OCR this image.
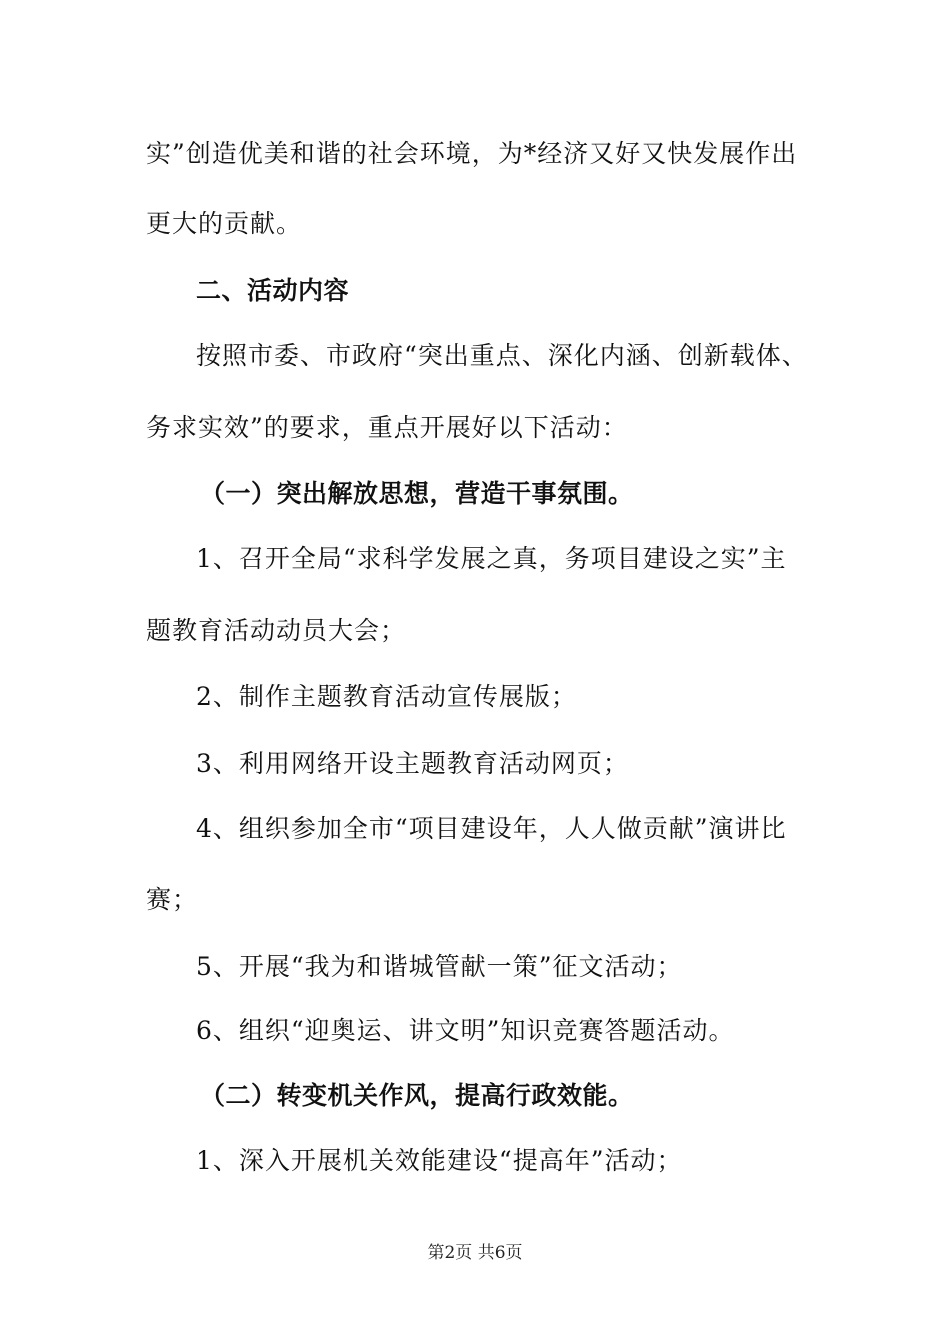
实”创造优美和谐的社会环境，为*经济又好又快发展作出
更大的贡献。
二、活动内容
按照市委、市政府“突出重点、深化内涵、创新载体、
务求实效”的要求，重点开展好以下活动：
（一）突出解放思想，营造干事氛围。
1、召开全局“求科学发展之真，务项目建设之实”主
题教育活动动员大会；
2、制作主题教育活动宣传展版；
3、利用网络开设主题教育活动网页；
4、组织参加全市“项目建设年，人人做贡献”演讲比
赛；
5、开展“我为和谐城管献一策”征文活动；
6、组织“迎奥运、讲文明”知识竞赛答题活动。
（二）转变机关作风，提高行政效能。
1、深入开展机关效能建设“提高年”活动；
第2页 共6页
